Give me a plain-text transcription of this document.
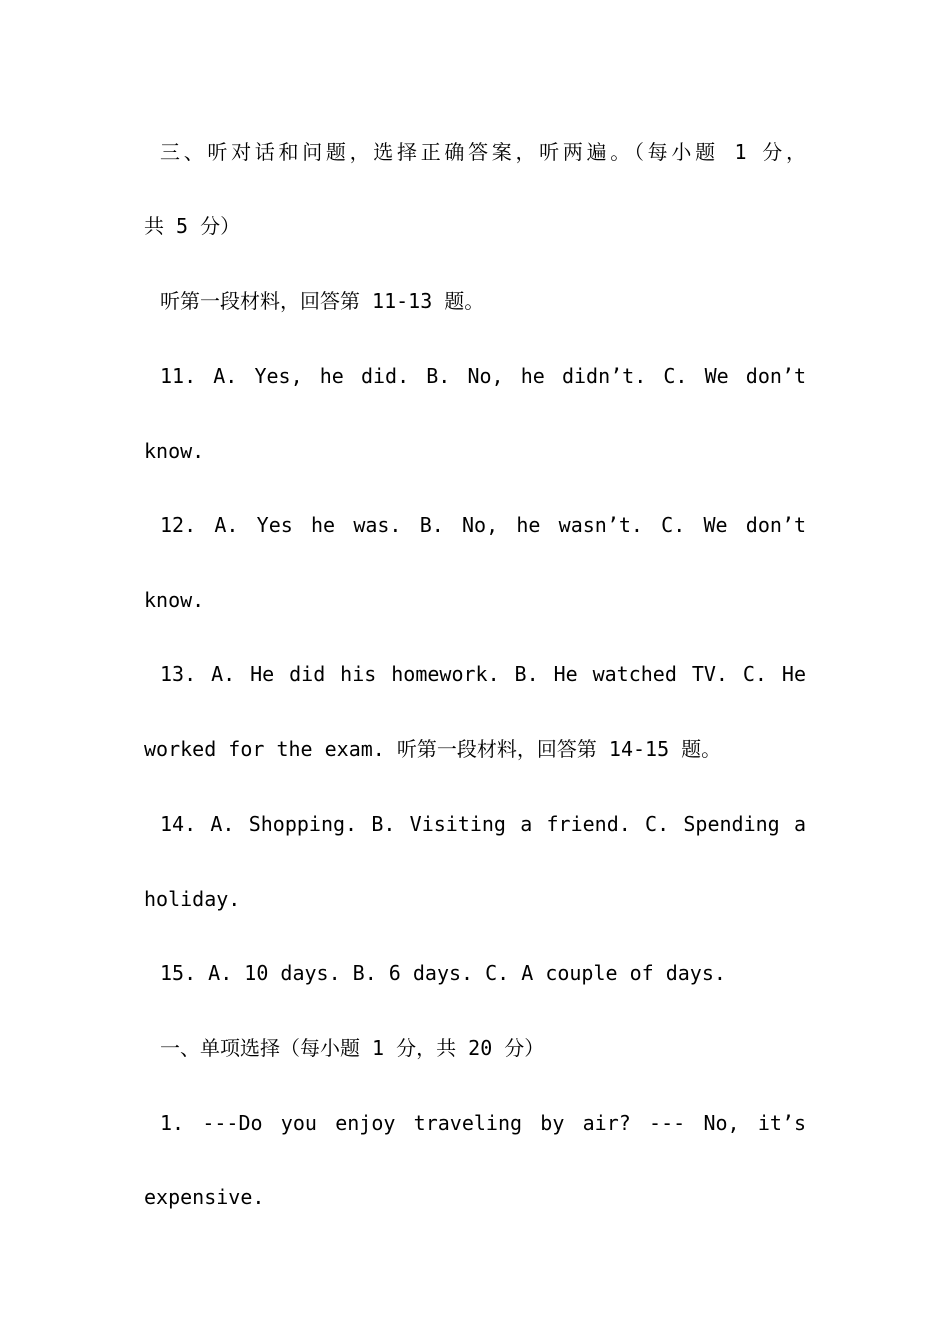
三、听对话和问题，选择正确答案，听两遍。（每小题 1 分，
共 5 分）
听第一段材料，回答第 11-13 题。
11. A. Yes, he did. B. No, he didn’t. C. We don’t
know.
12. A. Yes he was. B. No, he wasn’t. C. We don’t
know.
13. A. He did his homework. B. He watched TV. C. He
worked for the exam. 听第一段材料，回答第 14-15 题。
14. A. Shopping. B. Visiting a friend. C. Spending a
holiday.
15. A. 10 days. B. 6 days. C. A couple of days.
一、单项选择（每小题 1 分，共 20 分）
1. ---Do you enjoy traveling by air? --- No, it’s
expensive.
